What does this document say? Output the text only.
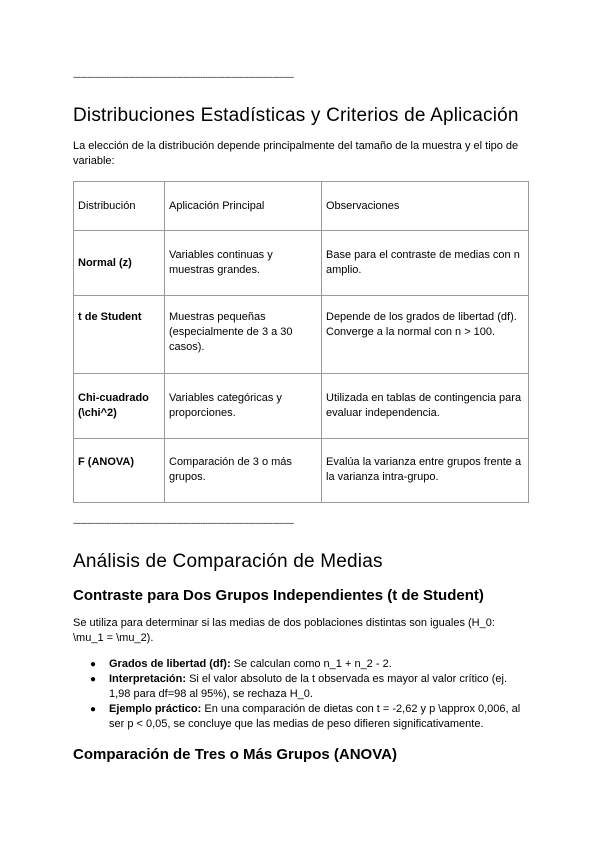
--------------------------------------------------------------------------------------------
Distribuciones Estadísticas y Criterios de Aplicación

La elección de la distribución depende principalmente del tamaño de la muestra y el tipo de variable:

Distribución	Aplicación Principal	Observaciones
Normal (z)	Variables continuas y muestras grandes.	Base para el contraste de medias con n amplio.
t de Student	Muestras pequeñas (especialmente de 3 a 30 casos).	Depende de los grados de libertad (df). Converge a la normal con n > 100.
Chi-cuadrado (\chi^2)	Variables categóricas y proporciones.	Utilizada en tablas de contingencia para evaluar independencia.
F (ANOVA)	Comparación de 3 o más grupos.	Evalúa la varianza entre grupos frente a la varianza intra-grupo.
--------------------------------------------------------------------------------------------
Análisis de Comparación de Medias
Contraste para Dos Grupos Independientes (t de Student)

Se utiliza para determinar si las medias de dos poblaciones distintas son iguales (H_0: \mu_1 = \mu_2).

● Grados de libertad (df): Se calculan como n_1 + n_2 - 2.
● Interpretación: Si el valor absoluto de la t observada es mayor al valor crítico (ej. 1,98 para df=98 al 95%), se rechaza H_0.
● Ejemplo práctico: En una comparación de dietas con t = -2,62 y p \approx 0,006, al ser p < 0,05, se concluye que las medias de peso difieren significativamente.
Comparación de Tres o Más Grupos (ANOVA)
